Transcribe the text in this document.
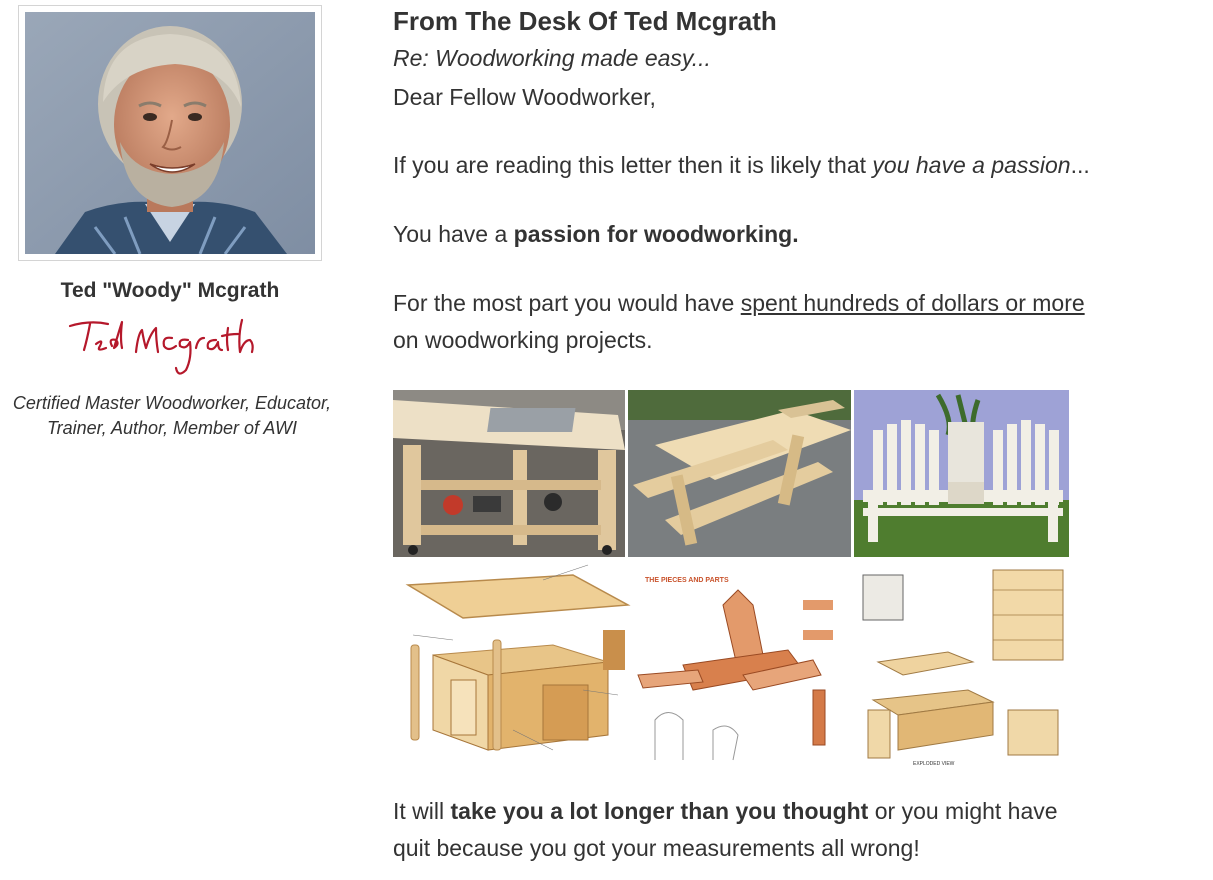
Ted "Woody" Mcgrath
Certified Master Woodworker, Educator, Trainer, Author, Member of AWI
From The Desk Of Ted Mcgrath
Re: Woodworking made easy...
Dear Fellow Woodworker,
If you are reading this letter then it is likely that you have a passion...
You have a passion for woodworking.
For the most part you would have spent hundreds of dollars or more
on woodworking projects.
THE PIECES AND PARTS
EXPLODED VIEW
It will take you a lot longer than you thought or you might have
quit because you got your measurements all wrong!
